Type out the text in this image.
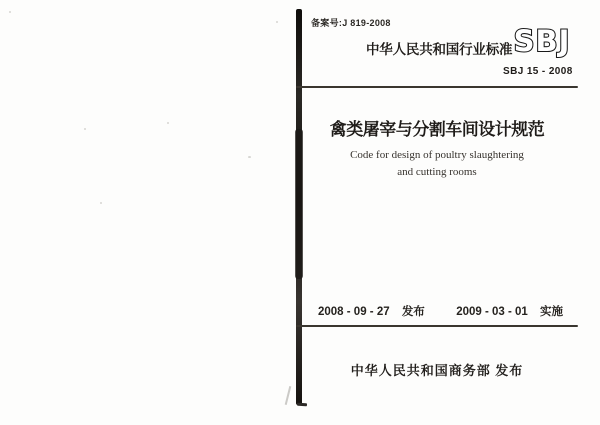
备案号:J 819-2008
中华人民共和国行业标准 SBJ
SBJ 15 - 2008
禽类屠宰与分割车间设计规范
Code for design of poultry slaughtering
and cutting rooms
2008 - 09 - 27 发布	2009 - 03 - 01 实施
中华人民共和国商务部 发布
